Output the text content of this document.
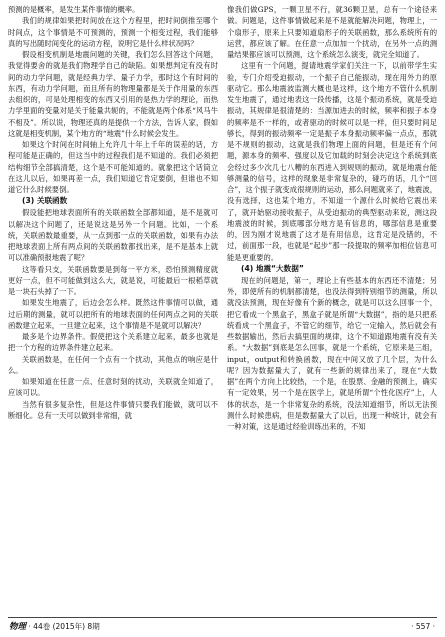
预测的是概率，是发生某件事情的概率。
我们的规律如果把时间放在这个方程里，把时间倒推至哪个时间点，这个事情是不可预测的，预测一个相变过程，我们能够真的写出随时间变化的运动方程，说明它是什么样状况吗？
假设相变机制是地震问题的关键，我们怎么回答这个问题，我觉得要舍的就是我们物理学自己的缺陷。如果想判定有没有时间的动力学问题，就是经典力学、量子力学，那时这个有时间的东西，有动力学问题，而且所有的物理量都是关于作用量的东西去组织的，可是处理相变的东西又引用的是热力学的理论，而热力学里面的变量对是关于能量共轭的，不能就是两个体系“风马牛不相及”。所以说，物理还真的是提供一个方法，告诉人家，假如这就是相变机制，某个地方的“地震”什么时候会发生。
如果这个时间在时间轴上允许几十年上千年的误差的话，方程可能是正确的，但这当中的过程我们是不知道的。我们必须把结构细节全部搞清楚，这个是不可能知道的。就象把这个话筒立在这儿以后，如果再差一点，我们知道它肯定要倒，但谁也不知道它什么时候要倒。
(3) 关联函数
假设能把地球表面所有的关联函数全部都知道，是不是就可以解决这个问题了，还是说这是另外一个问题。比如，一个系统，关联函数最重要，从一点到那一点的关联函数，如果有办法把地球表面上所有两点间的关联函数都找出来，是不是基本上就可以准确预报地震了呢？
这等看只支，关联函数要是到每一平方米，恐怕预测精度就更好一点，但不可能做到这么大，就是说，可能最后一根稻草就是一块石头掉了一下。
如果发生地震了，后边会怎么样。既然这件事情可以做，通过后期的测量，就可以把所有的地球表面的任何两点之间的关联函数建立起来，一旦建立起来，这个事情是不是就可以解决？
最多是个边界条件。假使把这个关系建立起来，最多也就是把一个方程的边界条件建立起来。
关联函数是，在任何一个点有一个扰动，其他点的响应是什么。
如果知道在任意一点、任意时刻的扰动，关联就全知道了，应该可以。
当然有很多复杂性，但是这件事情只要我们能做，就可以不断细化。总有一天可以做到非常细，就
像我们做GPS，一颗卫星不行，就36颗卫星，总有一个途径来做。问题是，这件事情做起来是不是就能解决问题，物理上，一个扇形子，原来上只要知道扇形子的关联函数，那么系统所有的运营，都应该了解。在任意一点加加一个扰动，在另外一点的测量结果都应该可以预测，这个系统怎么演变，就完全知道了。
这里有一个问题，提请地震学家们关注一下，以前带学生实验，专门介绍受迫振动，一个振子自己能振动，现在用外力的原驱动它。那么地震波监测大概也是这样，这个地方不管什么机制发生地震了，通过地表这一段传播，这是个振动系统，就是受迫振动，其规律是很清楚的：当源加进去的时候，频率和振子本身的频率是不一样的，或者驱动的时候可以是一样，但只要时间足够长，得到的振动频率一定是振子本身振动频率偏一点点，那就是不规则的振动，这就是我们物理上面的问题，但是还有个问题，源本身的频率、强度以及它加载的时刻会决定这个系统到底会经过多少次几七八糟的东西进入到规则的振动，就是地震台能够测量的信号，这样的现象是非常复杂的，碰巧的话，几个“回合”，这个振子就变成很规则的运动，那么问题就来了，地震波，没有选择，这也某个地方，不知道一个源什么时候给它震出来了，就开始驱动接收振子，从受迫振动的典型驱动来说，测这段地震波的时候，到底哪部分地方是有信息的，哪部信息是重要的，因为刚才说地震了这才是有用信息，这肯定是没错的，不过，前面那一段，也就是“起步”那一段提取的频率加相位信息可能是更重要的。
(4) 地震“大数据”
现在的问题是，第一，理论上有些基本的东西还不清楚；另外，即使所有的机制都清楚，也没法得到特别细节的测量，所以就没法预测，现在好像有个新的概念，就是可以这么回事一个，把它看成一个黑盒子，黑盒子就是所谓“大数据”，指的是只把系统看成一个黑盒子，不管它的细节，给它一定输入，然后就会有些数据输出，然后去搞里面的规律，这个不知道跟地震有没有关系。“大数据”到底是怎么回事，就是一个系统，它原来是三组，input，output和转换函数，现在中间又放了几个层，为什么呢？因为数据量大了，就有一些新的规律出来了，现在“大数据”在两个方向上比较热，一个是，在股票、金融的预测上，确实有一定效果，另一个是在医学上，就是所谓“个性化医疗”上，人体的状态，是一个非常复杂的系统，没法知道细节，所以无法预测什么时候患病，但是数据量大了以后，出现一种统计，就会有一种对策，这是通过经验训练出来的，不知
物理 · 44卷 (2015年) 8期	· 557 ·
